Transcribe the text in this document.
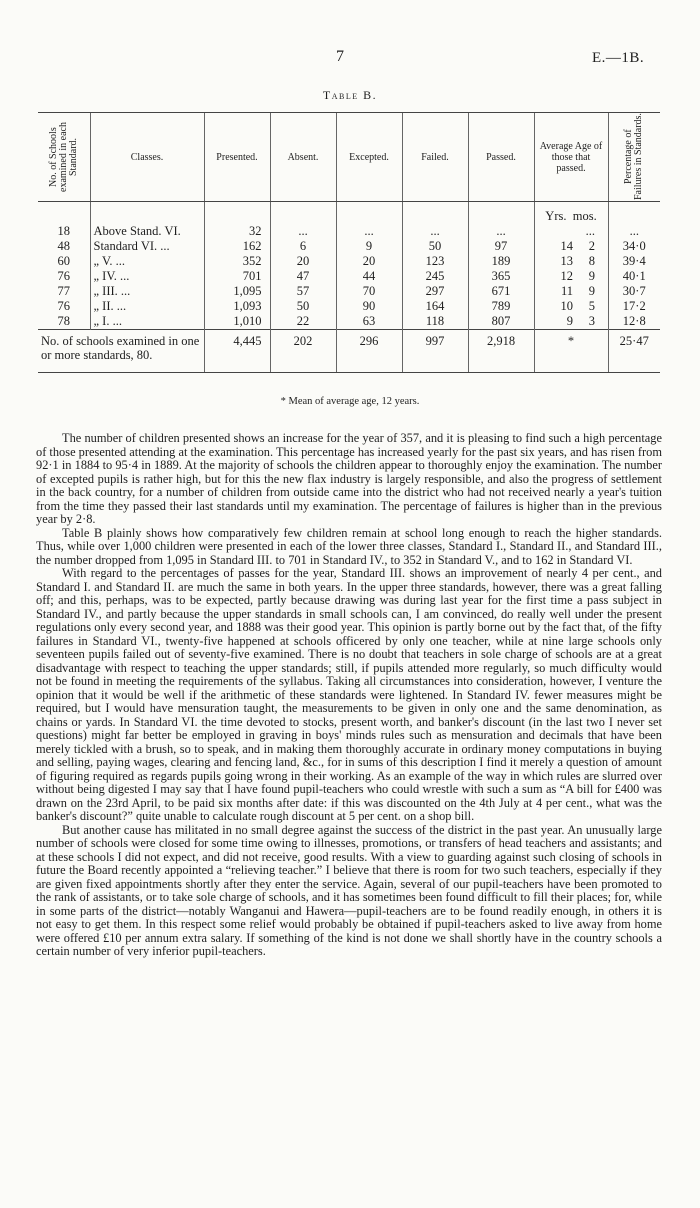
7	E.—1B.
Table B.
No. of Schools examined in each Standard.	Classes.	Presented.	Absent.	Excepted.	Failed.	Passed.	Average Age of those that passed.	Percentage of Failures in Standards.

							Yrs. mos.	
18	Above Stand. VI.	32	...	...	...	...	...	...
48	Standard VI. ...	162	6	9	50	97	14 2	34·0
60	„ V. ...	352	20	20	123	189	13 8	39·4
76	„ IV. ...	701	47	44	245	365	12 9	40·1
77	„ III. ...	1,095	57	70	297	671	11 9	30·7
76	„ II. ...	1,093	50	90	164	789	10 5	17·2
78	„ I. ...	1,010	22	63	118	807	9 3	12·8
No. of schools examined in one or more standards, 80.		4,445	202	296	997	2,918	*	25·47
* Mean of average age, 12 years.

The number of children presented shows an increase for the year of 357, and it is pleasing to find such a high percentage of those presented attending at the examination. This percentage has increased yearly for the past six years, and has risen from 92·1 in 1884 to 95·4 in 1889. At the majority of schools the children appear to thoroughly enjoy the examination. The number of excepted pupils is rather high, but for this the new flax industry is largely responsible, and also the progress of settlement in the back country, for a number of children from outside came into the district who had not received nearly a year's tuition from the time they passed their last standards until my examination. The percentage of failures is higher than in the previous year by 2·8.

Table B plainly shows how comparatively few children remain at school long enough to reach the higher standards. Thus, while over 1,000 children were presented in each of the lower three classes, Standard I., Standard II., and Standard III., the number dropped from 1,095 in Standard III. to 701 in Standard IV., to 352 in Standard V., and to 162 in Standard VI.

With regard to the percentages of passes for the year, Standard III. shows an improvement of nearly 4 per cent., and Standard I. and Standard II. are much the same in both years. In the upper three standards, however, there was a great falling off; and this, perhaps, was to be expected, partly because drawing was during last year for the first time a pass subject in Standard IV., and partly because the upper standards in small schools can, I am convinced, do really well under the present regulations only every second year, and 1888 was their good year. This opinion is partly borne out by the fact that, of the fifty failures in Standard VI., twenty-five happened at schools officered by only one teacher, while at nine large schools only seventeen pupils failed out of seventy-five examined. There is no doubt that teachers in sole charge of schools are at a great disadvantage with respect to teaching the upper standards; still, if pupils attended more regularly, so much difficulty would not be found in meeting the requirements of the syllabus. Taking all circumstances into consideration, however, I venture the opinion that it would be well if the arithmetic of these standards were lightened. In Standard IV. fewer measures might be required, but I would have mensuration taught, the measurements to be given in only one and the same denomination, as chains or yards. In Standard VI. the time devoted to stocks, present worth, and banker's discount (in the last two I never set questions) might far better be employed in graving in boys' minds rules such as mensuration and decimals that have been merely tickled with a brush, so to speak, and in making them thoroughly accurate in ordinary money computations in buying and selling, paying wages, clearing and fencing land, &c., for in sums of this description I find it merely a question of amount of figuring required as regards pupils going wrong in their working. As an example of the way in which rules are slurred over without being digested I may say that I have found pupil-teachers who could wrestle with such a sum as “A bill for £400 was drawn on the 23rd April, to be paid six months after date: if this was discounted on the 4th July at 4 per cent., what was the banker's discount?” quite unable to calculate rough discount at 5 per cent. on a shop bill.

But another cause has militated in no small degree against the success of the district in the past year. An unusually large number of schools were closed for some time owing to illnesses, promotions, or transfers of head teachers and assistants; and at these schools I did not expect, and did not receive, good results. With a view to guarding against such closing of schools in future the Board recently appointed a “relieving teacher.” I believe that there is room for two such teachers, especially if they are given fixed appointments shortly after they enter the service. Again, several of our pupil-teachers have been promoted to the rank of assistants, or to take sole charge of schools, and it has sometimes been found difficult to fill their places; for, while in some parts of the district—notably Wanganui and Hawera—pupil-teachers are to be found readily enough, in others it is not easy to get them. In this respect some relief would probably be obtained if pupil-teachers asked to live away from home were offered £10 per annum extra salary. If something of the kind is not done we shall shortly have in the country schools a certain number of very inferior pupil-teachers.
